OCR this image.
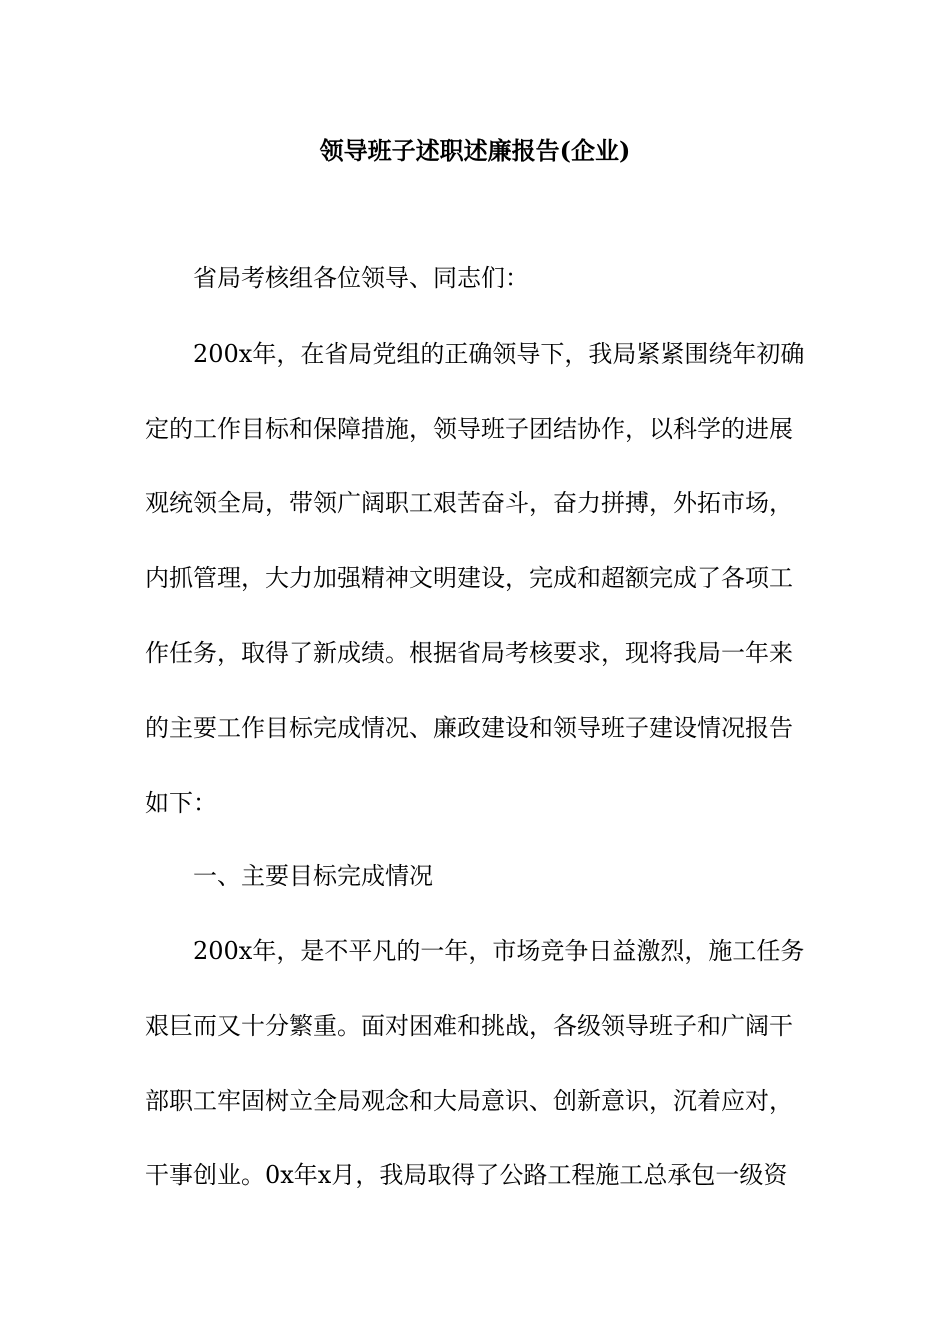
领导班子述职述廉报告(企业)
省局考核组各位领导、同志们：
200x年，在省局党组的正确领导下，我局紧紧围绕年初确
定的工作目标和保障措施，领导班子团结协作，以科学的进展
观统领全局，带领广阔职工艰苦奋斗，奋力拼搏，外拓市场，
内抓管理，大力加强精神文明建设，完成和超额完成了各项工
作任务，取得了新成绩。根据省局考核要求，现将我局一年来
的主要工作目标完成情况、廉政建设和领导班子建设情况报告
如下：
一、主要目标完成情况
200x年，是不平凡的一年，市场竞争日益激烈，施工任务
艰巨而又十分繁重。面对困难和挑战，各级领导班子和广阔干
部职工牢固树立全局观念和大局意识、创新意识，沉着应对，
干事创业。0x年x月，我局取得了公路工程施工总承包一级资
